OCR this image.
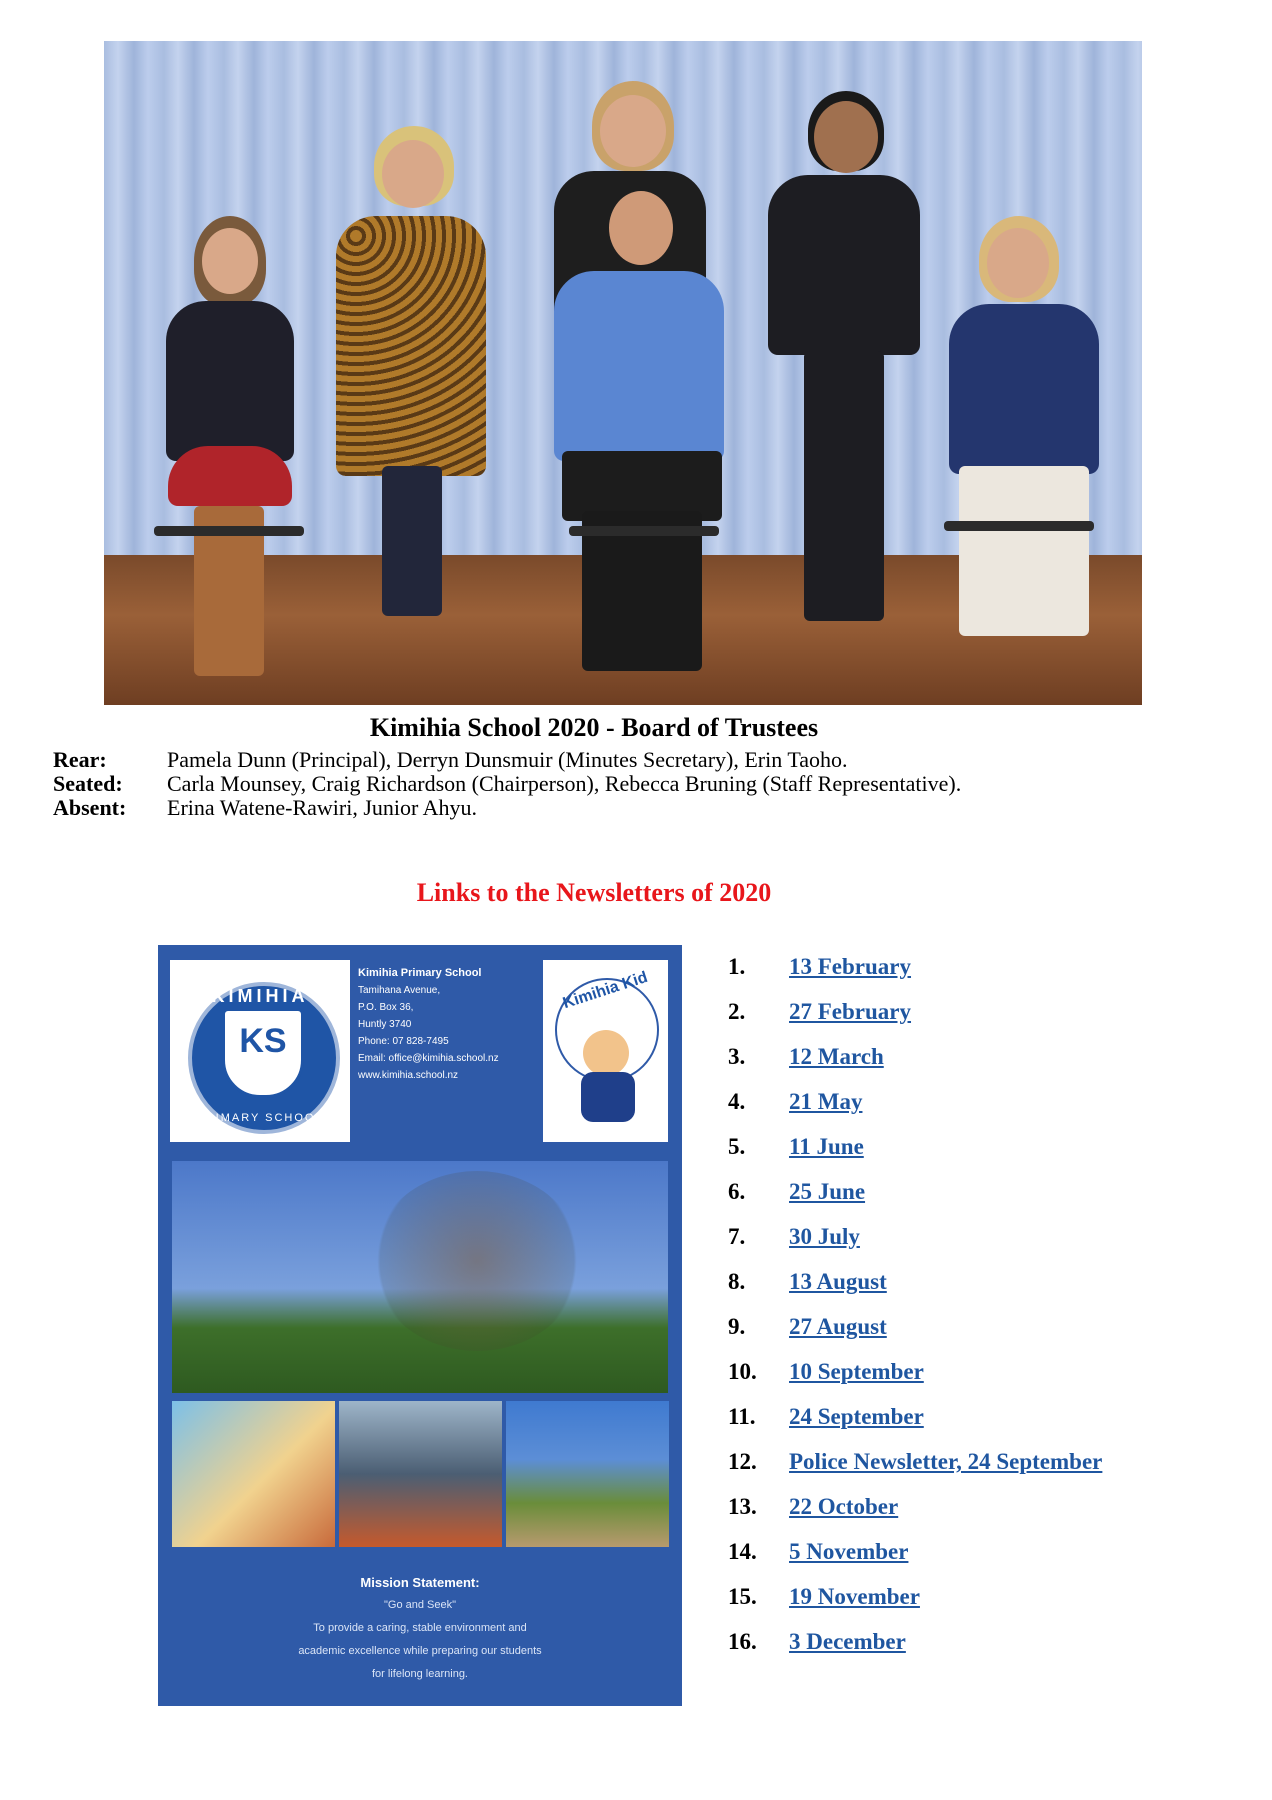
Kimihia School 2020 - Board of Trustees
Rear:	Pamela Dunn (Principal), Derryn Dunsmuir (Minutes Secretary), Erin Taoho.
Seated: Carla Mounsey, Craig Richardson (Chairperson), Rebecca Bruning (Staff Representative).
Absent: Erina Watene-Rawiri, Junior Ahyu.
Links to the Newsletters of 2020
KIMIHIA
KS
PRIMARY SCHOOL
Kimihia Primary School
Tamihana Avenue,
P.O. Box 36,
Huntly 3740
Phone: 07 828-7495
Email: office@kimihia.school.nz
www.kimihia.school.nz
Kimihia Kid
Mission Statement:
"Go and Seek"
To provide a caring, stable environment and
academic excellence while preparing our students
for lifelong learning.
1. 13 February
2. 27 February
3. 12 March
4. 21 May
5. 11 June
6. 25 June
7. 30 July
8. 13 August
9. 27 August
10. 10 September
11. 24 September
12. Police Newsletter, 24 September
13. 22 October
14. 5 November
15. 19 November
16. 3 December
